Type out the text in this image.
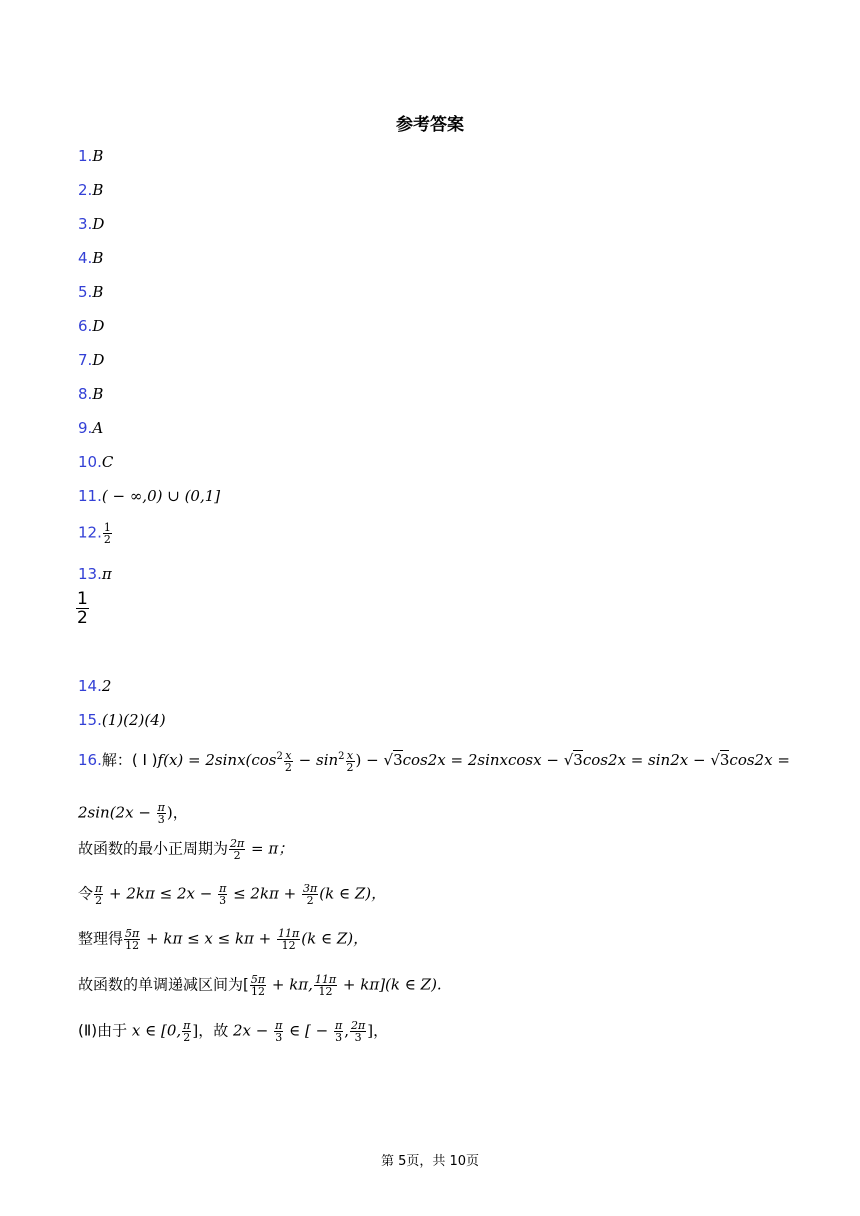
参考答案
1.B
2.B
3.D
4.B
5.B
6.D
7.D
8.B
9.A
10.C
11.( − ∞,0) ∪ (0,1]
12. $\frac{1}{2}$
13.π
14.2
15.(1)(2)(4)
16.解：( Ⅰ )$f(x) = 2\sin x(\cos^2 \frac{x}{2} - \sin^2 \frac{x}{2}$ ) − √3cos2x = 2sinxcosx − √3cos2x = sin2x − √3cos2x =
1
2
$2\sin(2x - \frac{\pi}{3}$ )，
故函数的最小正周期为 $\frac{2\pi}{2} = \pi$；
令 $\frac{\pi}{2} + 2k\pi \le 2x - \frac{\pi}{3} \le 2k\pi + \frac{3\pi}{2} (k$ ∈ Z)，
整理得 $\frac{5\pi}{12} + k\pi \le x \le k\pi + \frac{11\pi}{12} (k$ ∈ Z)，
故函数的单调递减区间为[ $\frac{5\pi}{12} + k\pi$, $\frac{11\pi}{12} + k\pi](k$ ∈ Z).
(Ⅱ)由于 x ∈ [0, $\frac{\pi}{2}$ ]，故 $2x - \frac{\pi}{3}$ ∈ [ − $\frac{\pi}{3}$ , $\frac{2\pi}{3}$ ]，
第 5页，共 10页
